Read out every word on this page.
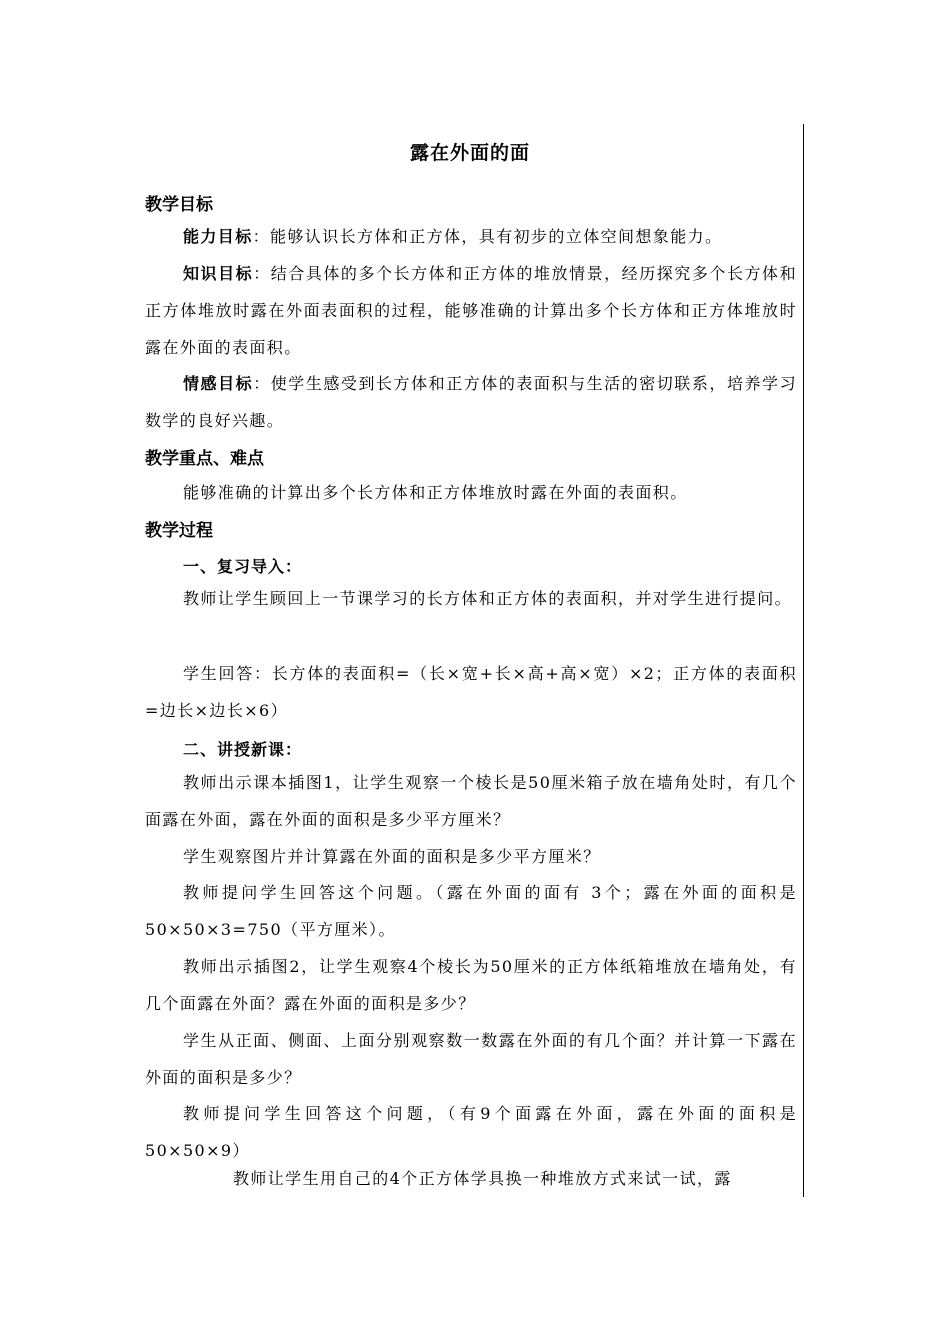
露在外面的面
教学目标

能力目标：能够认识长方体和正方体，具有初步的立体空间想象能力。

知识目标：结合具体的多个长方体和正方体的堆放情景，经历探究多个长方体和正方体堆放时露在外面表面积的过程，能够准确的计算出多个长方体和正方体堆放时露在外面的表面积。

情感目标：使学生感受到长方体和正方体的表面积与生活的密切联系，培养学习数学的良好兴趣。

教学重点、难点

能够准确的计算出多个长方体和正方体堆放时露在外面的表面积。

教学过程
一、复习导入：

教师让学生顾回上一节课学习的长方体和正方体的表面积，并对学生进行提问。

学生回答：长方体的表面积=（长×宽+长×高+高×宽）×2；正方体的表面积=边长×边长×6）

二、讲授新课：

教师出示课本插图1，让学生观察一个棱长是50厘米箱子放在墙角处时，有几个面露在外面，露在外面的面积是多少平方厘米？

学生观察图片并计算露在外面的面积是多少平方厘米？

教师提问学生回答这个问题。（露在外面的面有 3个；露在外面的面积是50×50×3=750（平方厘米）。

教师出示插图2，让学生观察4个棱长为50厘米的正方体纸箱堆放在墙角处，有几个面露在外面？露在外面的面积是多少？

学生从正面、侧面、上面分别观察数一数露在外面的有几个面？并计算一下露在外面的面积是多少？

教师提问学生回答这个问题，（有9个面露在外面，露在外面的面积是50×50×9）

教师让学生用自己的4个正方体学具换一种堆放方式来试一试，露
